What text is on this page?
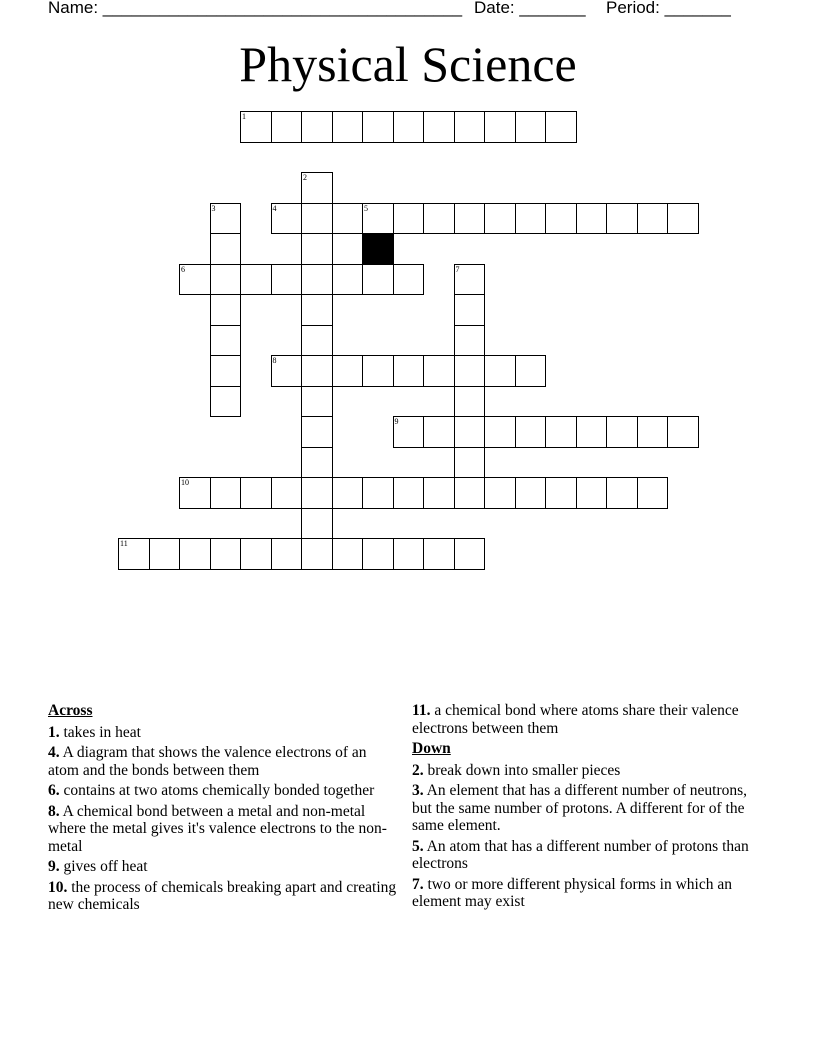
Name: ______________________________________ Date: _______ Period: _______
Physical Science
1
2
3	4	5
6	7
8
9
10
11
Across
1. takes in heat
4. A diagram that shows the valence electrons of an atom and the bonds between them
6. contains at two atoms chemically bonded together
8. A chemical bond between a metal and non-metal where the metal gives it's valence electrons to the non-metal
9. gives off heat
10. the process of chemicals breaking apart and creating new chemicals
11. a chemical bond where atoms share their valence electrons between them
Down
2. break down into smaller pieces
3. An element that has a different number of neutrons, but the same number of protons. A different for of the same element.
5. An atom that has a different number of protons than electrons
7. two or more different physical forms in which an element may exist
